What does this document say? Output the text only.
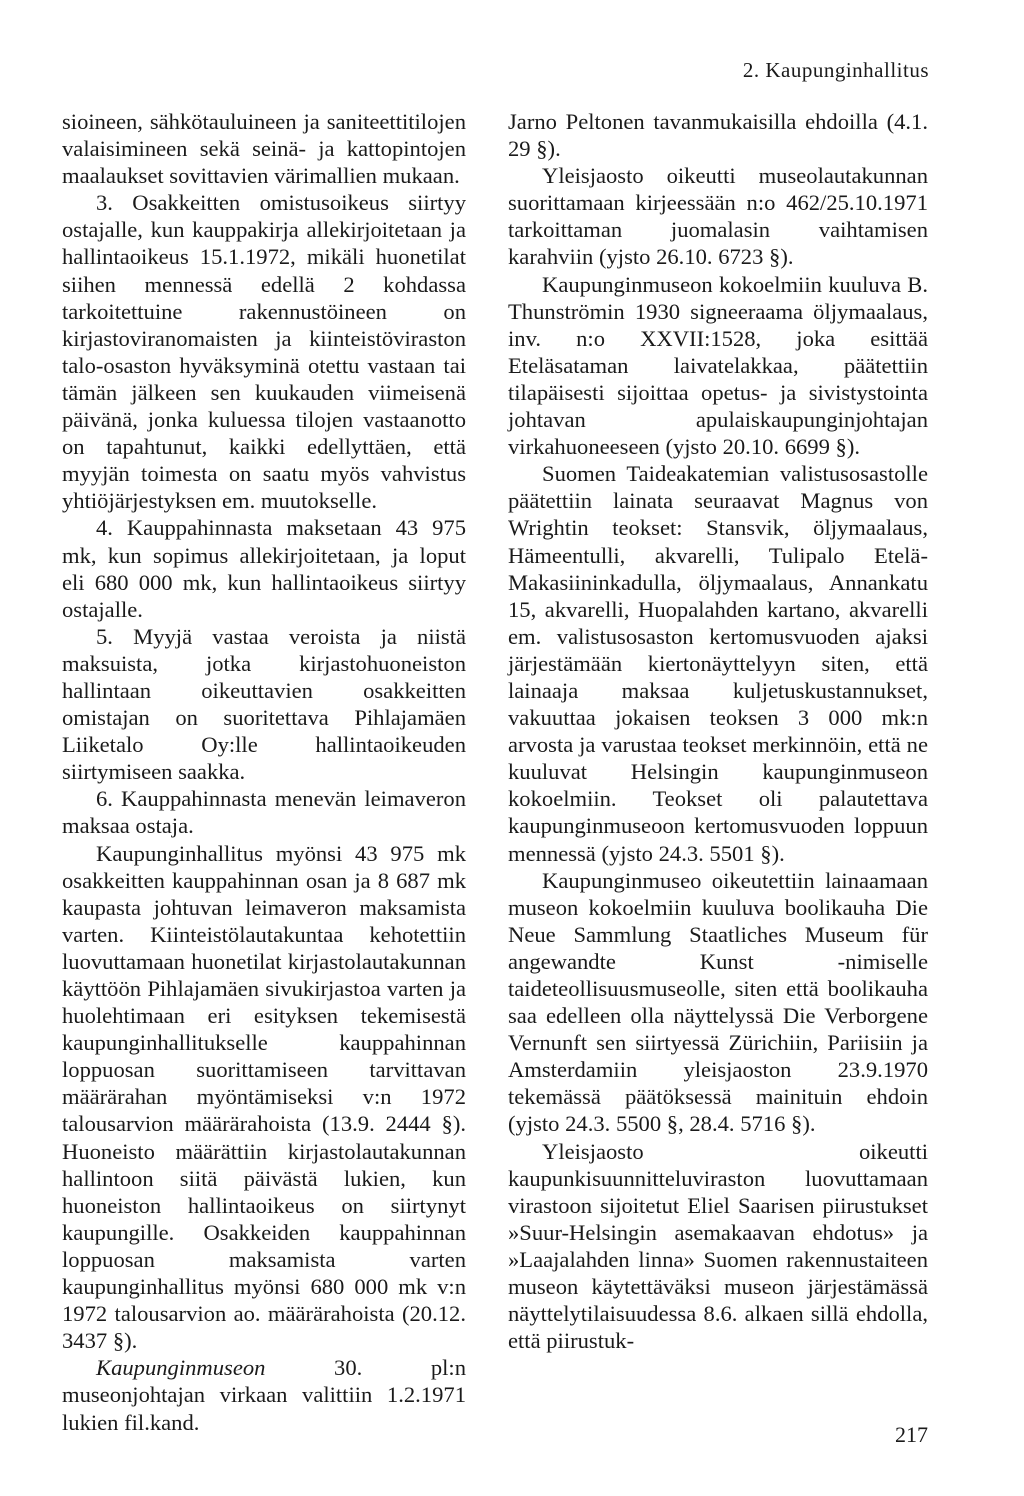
2. Kaupunginhallitus

sioineen, sähkötauluineen ja saniteettitilojen valaisimineen sekä seinä- ja kattopintojen maalaukset sovittavien värimallien mukaan.

3. Osakkeitten omistusoikeus siirtyy ostajalle, kun kauppakirja allekirjoitetaan ja hallintaoikeus 15.1.1972, mikäli huonetilat siihen mennessä edellä 2 kohdassa tarkoitettuine rakennustöineen on kirjastoviranomaisten ja kiinteistöviraston talo-osaston hyväksyminä otettu vastaan tai tämän jälkeen sen kuukauden viimeisenä päivänä, jonka kuluessa tilojen vastaanotto on tapahtunut, kaikki edellyttäen, että myyjän toimesta on saatu myös vahvistus yhtiöjärjestyksen em. muutokselle.

4. Kauppahinnasta maksetaan 43 975 mk, kun sopimus allekirjoitetaan, ja loput eli 680 000 mk, kun hallintaoikeus siirtyy ostajalle.

5. Myyjä vastaa veroista ja niistä maksuista, jotka kirjastohuoneiston hallintaan oikeuttavien osakkeitten omistajan on suoritettava Pihlajamäen Liiketalo Oy:lle hallintaoikeuden siirtymiseen saakka.

6. Kauppahinnasta menevän leimaveron maksaa ostaja.

Kaupunginhallitus myönsi 43 975 mk osakkeitten kauppahinnan osan ja 8 687 mk kaupasta johtuvan leimaveron maksamista varten. Kiinteistölautakuntaa kehotettiin luovuttamaan huonetilat kirjastolautakunnan käyttöön Pihlajamäen sivukirjastoa varten ja huolehtimaan eri esityksen tekemisestä kaupunginhallitukselle kauppahinnan loppuosan suorittamiseen tarvittavan määrärahan myöntämiseksi v:n 1972 talousarvion määrärahoista (13.9. 2444 §). Huoneisto määrättiin kirjastolautakunnan hallintoon siitä päivästä lukien, kun huoneiston hallintaoikeus on siirtynyt kaupungille. Osakkeiden kauppahinnan loppuosan maksamista varten kaupunginhallitus myönsi 680 000 mk v:n 1972 talousarvion ao. määrärahoista (20.12. 3437 §).

Kaupunginmuseon 30. pl:n museonjohtajan virkaan valittiin 1.2.1971 lukien fil.kand.

Jarno Peltonen tavanmukaisilla ehdoilla (4.1. 29 §).

Yleisjaosto oikeutti museolautakunnan suorittamaan kirjeessään n:o 462/25.10.1971 tarkoittaman juomalasin vaihtamisen karahviin (yjsto 26.10. 6723 §).

Kaupunginmuseon kokoelmiin kuuluva B. Thunströmin 1930 signeeraama öljymaalaus, inv. n:o XXVII:1528, joka esittää Eteläsataman laivatelakkaa, päätettiin tilapäisesti sijoittaa opetus- ja sivistystointa johtavan apulaiskaupunginjohtajan virkahuoneeseen (yjsto 20.10. 6699 §).

Suomen Taideakatemian valistusosastolle päätettiin lainata seuraavat Magnus von Wrightin teokset: Stansvik, öljymaalaus, Hämeentulli, akvarelli, Tulipalo Etelä-Makasiininkadulla, öljymaalaus, Annankatu 15, akvarelli, Huopalahden kartano, akvarelli em. valistusosaston kertomusvuoden ajaksi järjestämään kiertonäyttelyyn siten, että lainaaja maksaa kuljetuskustannukset, vakuuttaa jokaisen teoksen 3 000 mk:n arvosta ja varustaa teokset merkinnöin, että ne kuuluvat Helsingin kaupunginmuseon kokoelmiin. Teokset oli palautettava kaupunginmuseoon kertomusvuoden loppuun mennessä (yjsto 24.3. 5501 §).

Kaupunginmuseo oikeutettiin lainaamaan museon kokoelmiin kuuluva boolikauha Die Neue Sammlung Staatliches Museum für angewandte Kunst -nimiselle taideteollisuusmuseolle, siten että boolikauha saa edelleen olla näyttelyssä Die Verborgene Vernunft sen siirtyessä Zürichiin, Pariisiin ja Amsterdamiin yleisjaoston 23.9.1970 tekemässä päätöksessä mainituin ehdoin (yjsto 24.3. 5500 §, 28.4. 5716 §).

Yleisjaosto oikeutti kaupunkisuunnitteluviraston luovuttamaan virastoon sijoitetut Eliel Saarisen piirustukset »Suur-Helsingin asemakaavan ehdotus» ja »Laajalahden linna» Suomen rakennustaiteen museon käytettäväksi museon järjestämässä näyttelytilaisuudessa 8.6. alkaen sillä ehdolla, että piirustuk-

217
